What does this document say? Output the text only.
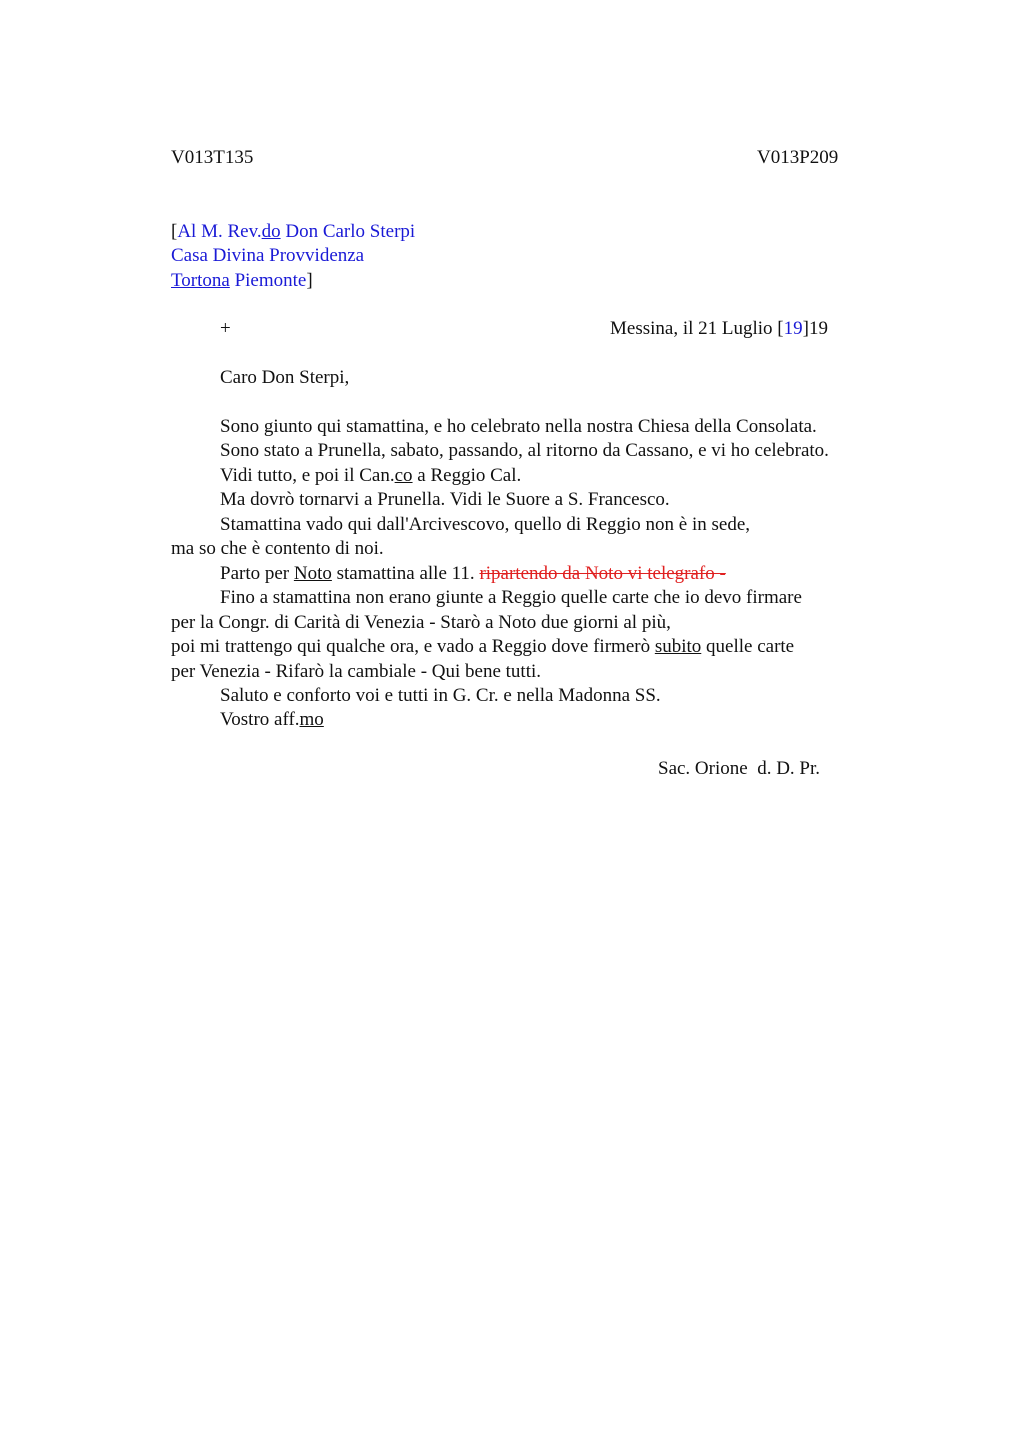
V013T135	V013P209
[Al M. Rev.do Don Carlo Sterpi
Casa Divina Provvidenza
Tortona Piemonte]
+	Messina, il 21 Luglio [19]19
Caro Don Sterpi,
Sono giunto qui stamattina, e ho celebrato nella nostra Chiesa della Consolata.
Sono stato a Prunella, sabato, passando, al ritorno da Cassano, e vi ho celebrato.
Vidi tutto, e poi il Can.co a Reggio Cal.
Ma dovrò tornarvi a Prunella. Vidi le Suore a S. Francesco.
Stamattina vado qui dall'Arcivescovo, quello di Reggio non è in sede,
ma so che è contento di noi.
Parto per Noto stamattina alle 11. ripartendo da Noto vi telegrafo -
Fino a stamattina non erano giunte a Reggio quelle carte che io devo firmare
per la Congr. di Carità di Venezia - Starò a Noto due giorni al più,
poi mi trattengo qui qualche ora, e vado a Reggio dove firmerò subito quelle carte
per Venezia - Rifarò la cambiale - Qui bene tutti.
Saluto e conforto voi e tutti in G. Cr. e nella Madonna SS.
Vostro aff.mo
Sac. Orione  d. D. Pr.
